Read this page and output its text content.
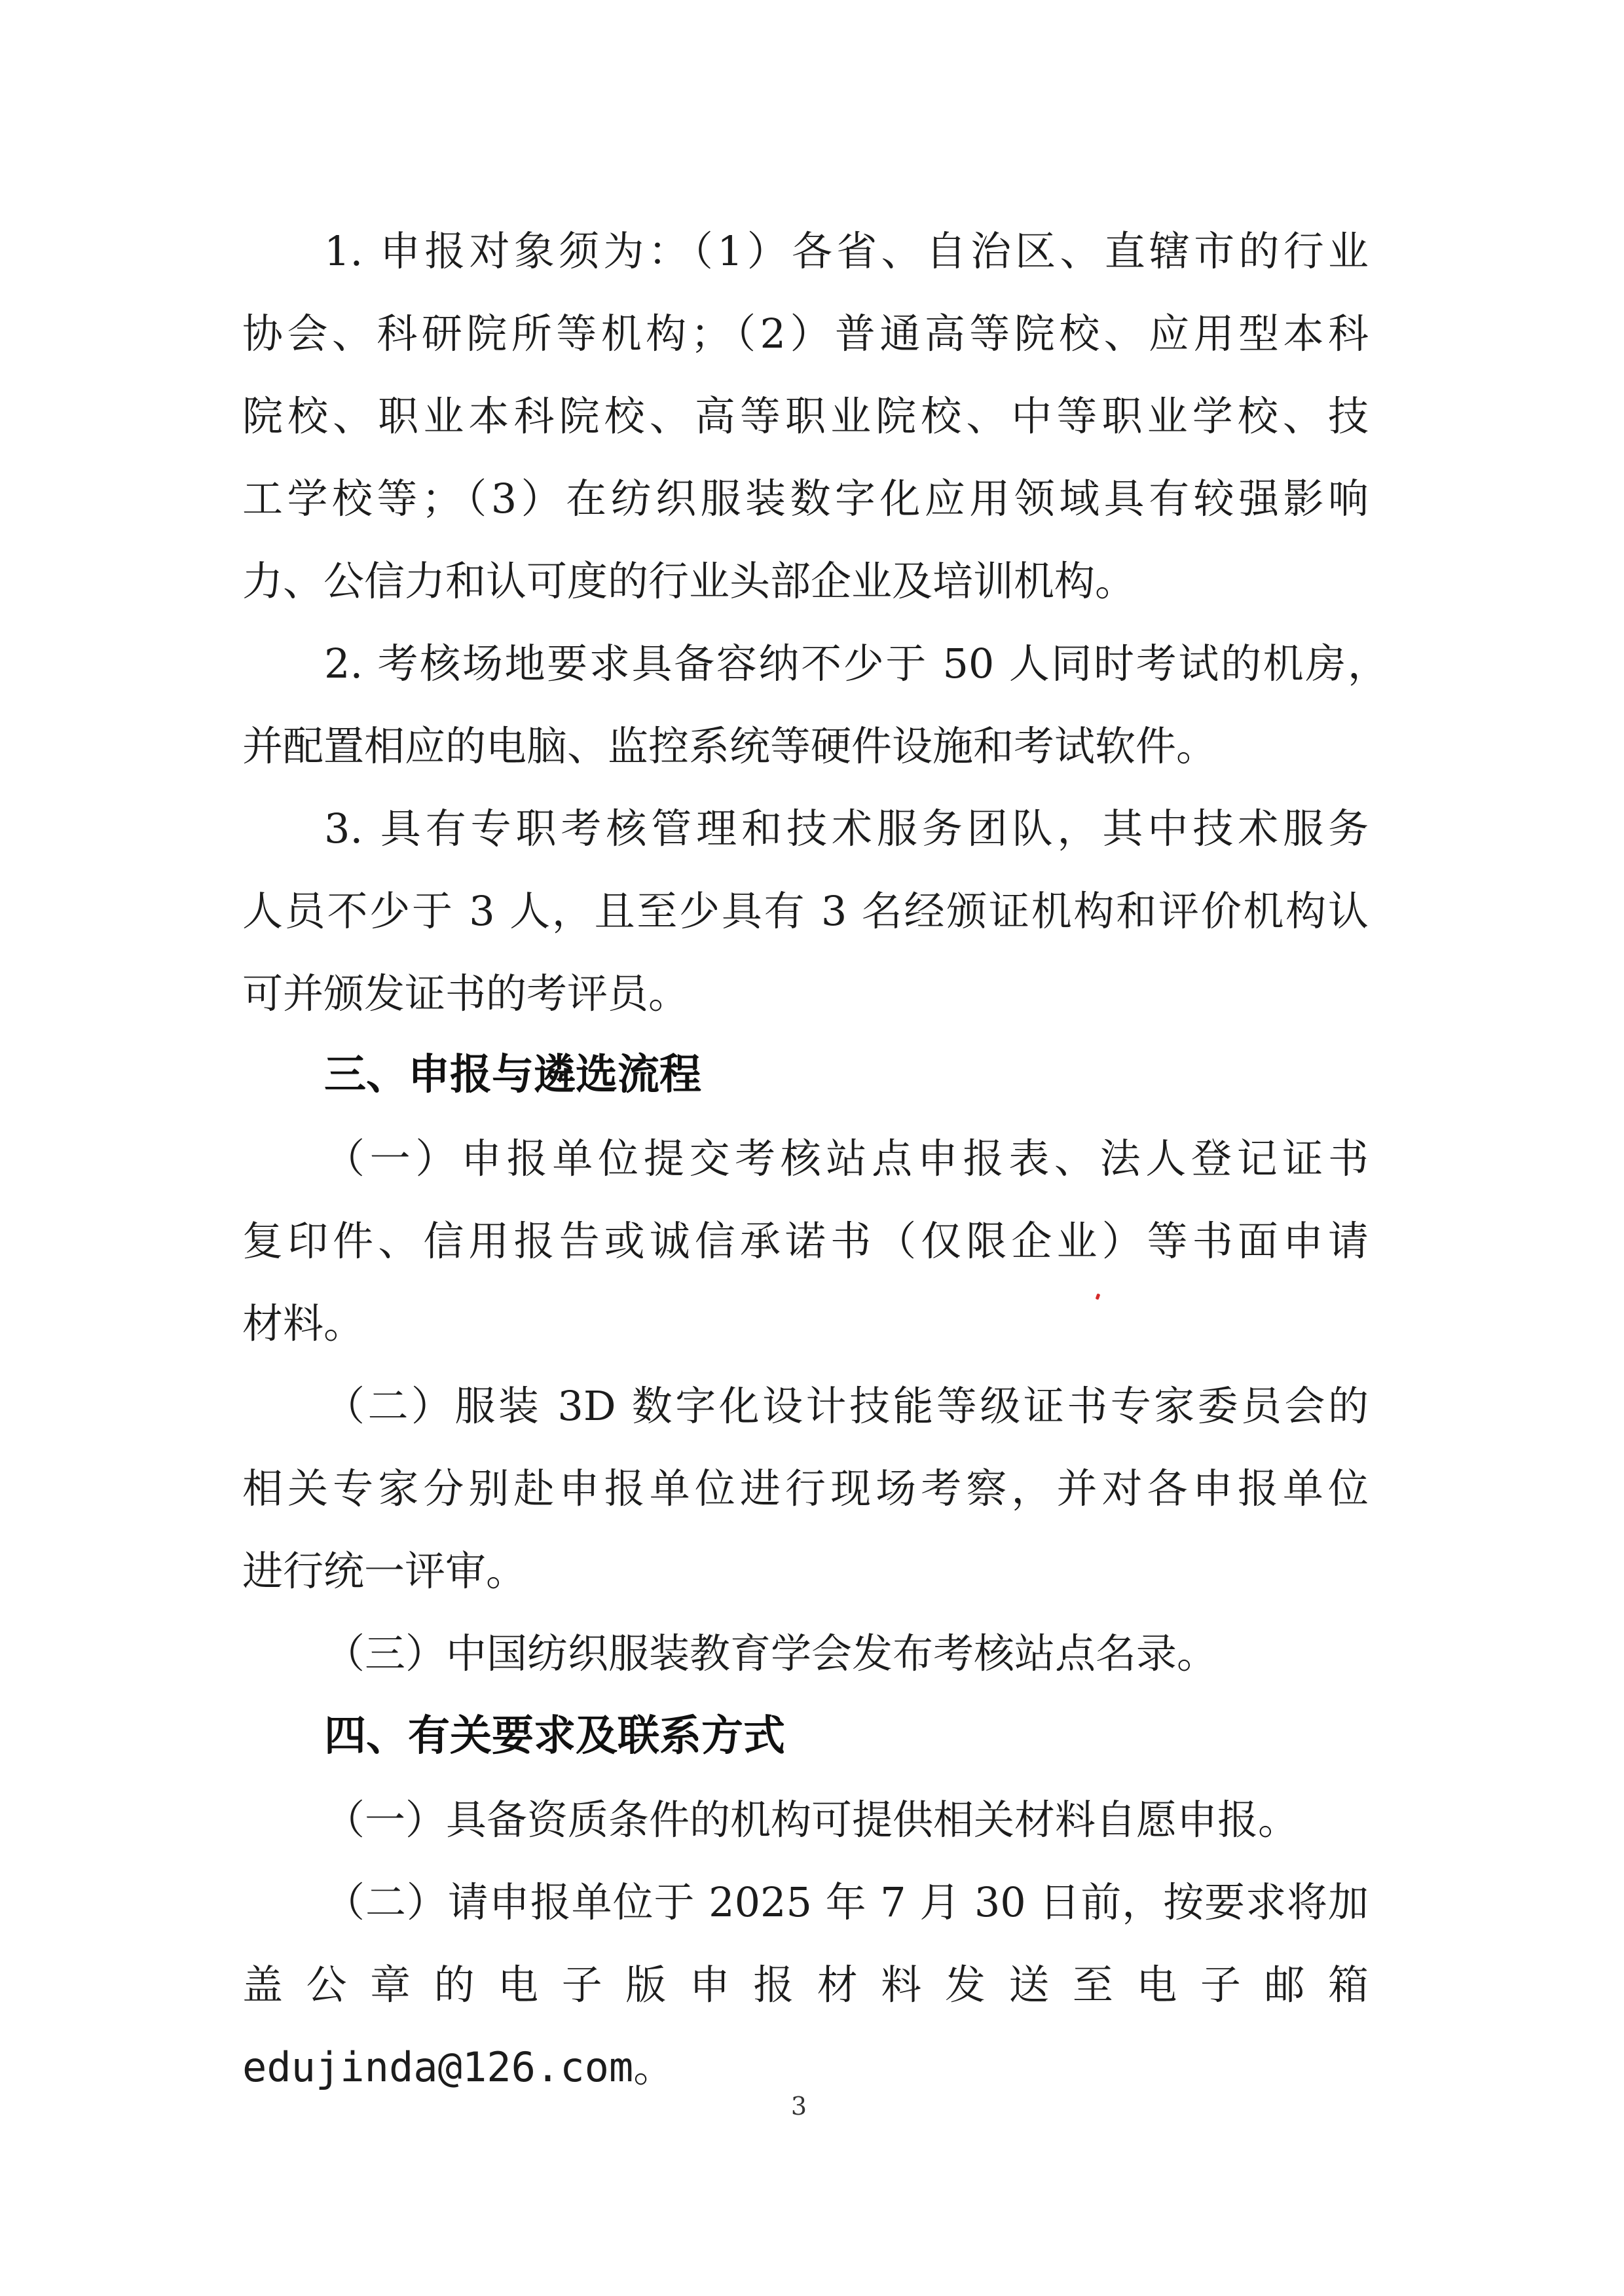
1. 申报对象须为：（1）各省、自治区、直辖市的行业
协会、科研院所等机构；（2）普通高等院校、应用型本科
院校、职业本科院校、高等职业院校、中等职业学校、技
工学校等；（3）在纺织服装数字化应用领域具有较强影响
力、公信力和认可度的行业头部企业及培训机构。
2. 考核场地要求具备容纳不少于 50 人同时考试的机房，
并配置相应的电脑、监控系统等硬件设施和考试软件。
3. 具有专职考核管理和技术服务团队，其中技术服务
人员不少于 3 人，且至少具有 3 名经颁证机构和评价机构认
可并颁发证书的考评员。
三、申报与遴选流程
（一）申报单位提交考核站点申报表、法人登记证书
复印件、信用报告或诚信承诺书（仅限企业）等书面申请
材料。
（二）服装 3D 数字化设计技能等级证书专家委员会的
相关专家分别赴申报单位进行现场考察，并对各申报单位
进行统一评审。
（三）中国纺织服装教育学会发布考核站点名录。
四、有关要求及联系方式
（一）具备资质条件的机构可提供相关材料自愿申报。
（二）请申报单位于 2025 年 7 月 30 日前，按要求将加
盖公章的电子版申报材料发送至电子邮箱
edujinda@126.com。
3
